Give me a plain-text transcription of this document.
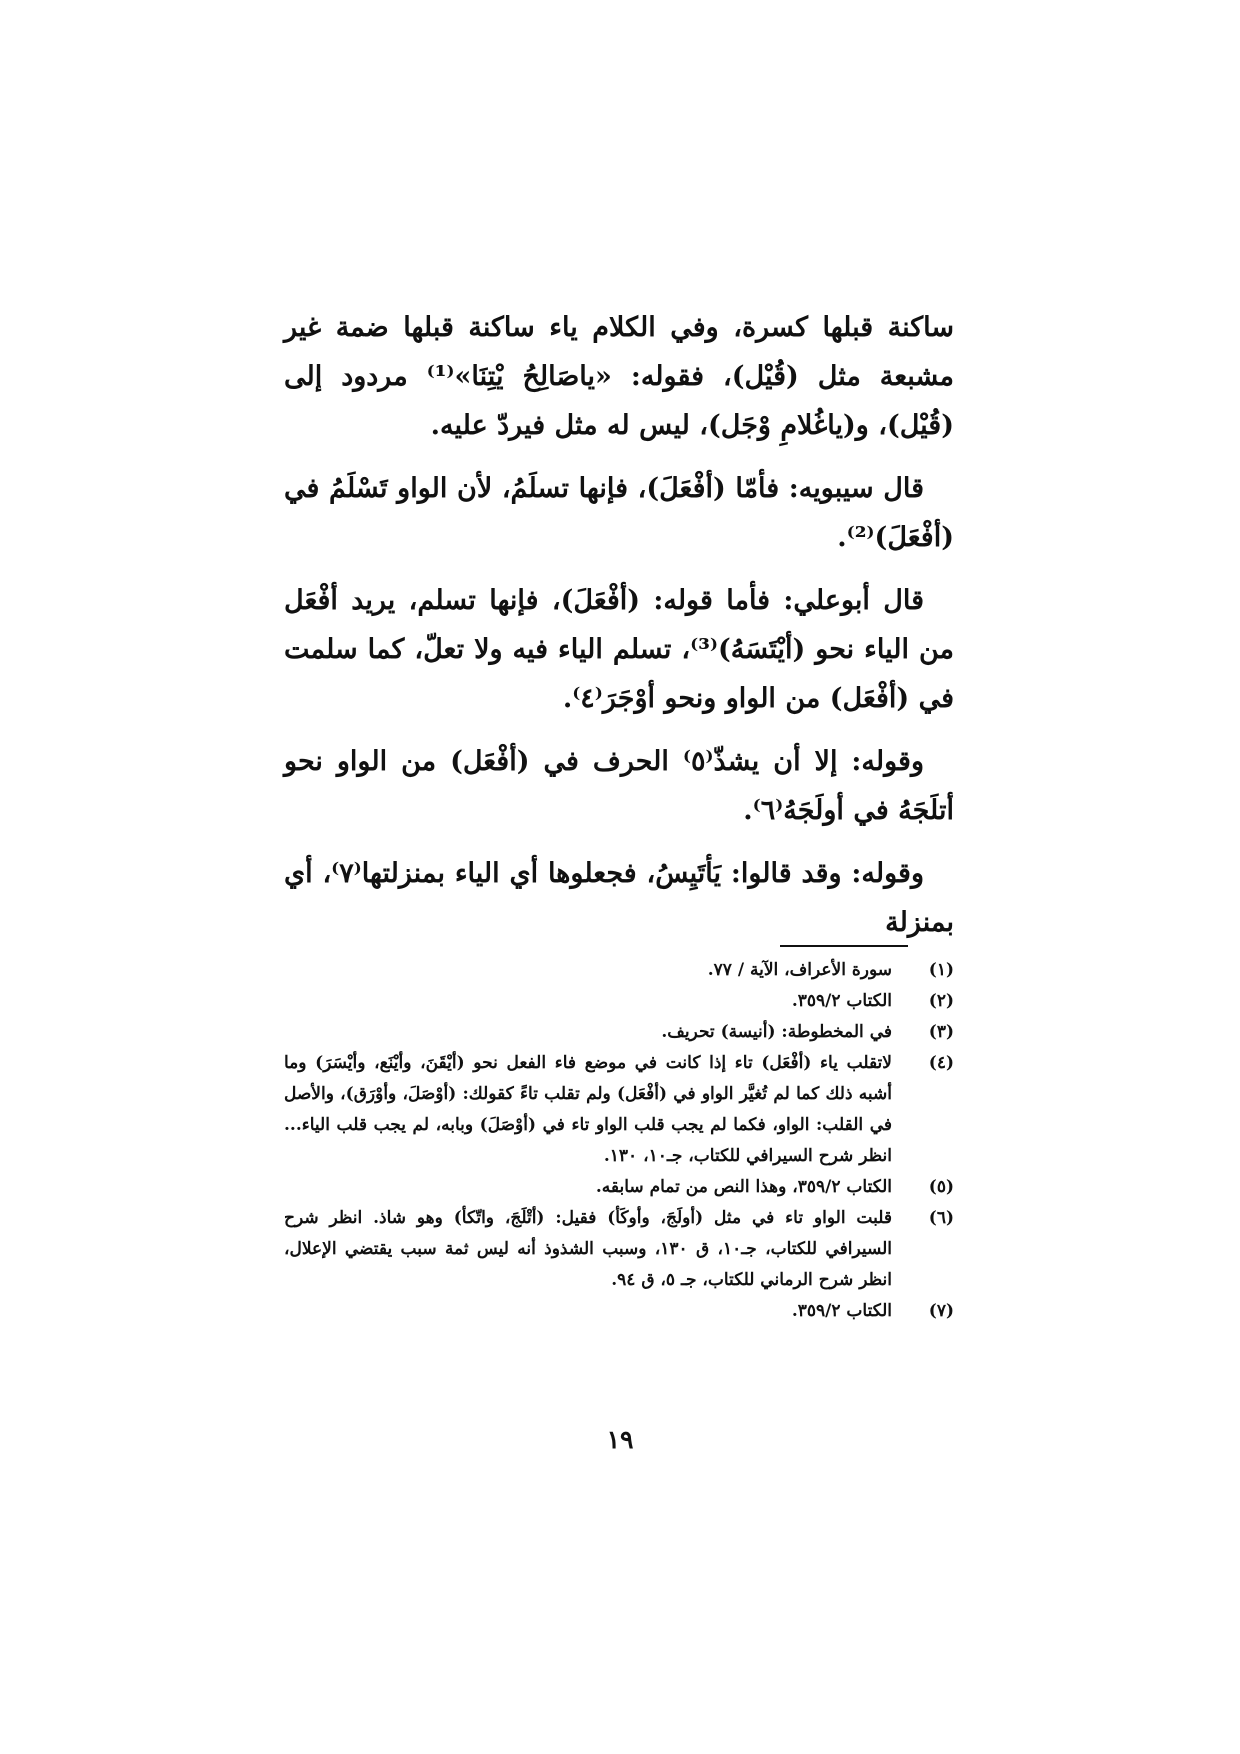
ساكنة قبلها كسرة، وفي الكلام ياء ساكنة قبلها ضمة غير مشبعة مثل (قُيْل)، فقوله: «ياصَالِحُ يْتِنَا»⁽¹⁾ مردود إلى (قُيْل)، و(ياغُلامِ وْجَل)، ليس له مثل فيردّ عليه.

قال سيبويه: فأمّا (أفْعَلَ)، فإنها تسلَمُ، لأن الواو تَسْلَمُ في (أفْعَلَ)⁽²⁾.

قال أبوعلي: فأما قوله: (أفْعَلَ)، فإنها تسلم، يريد أفْعَل من الياء نحو (أيْتَسَهُ)⁽³⁾، تسلم الياء فيه ولا تعلّ، كما سلمت في (أفْعَل) من الواو ونحو أوْجَرَ⁽٤⁾.

وقوله: إلا أن يشذّ⁽٥⁾ الحرف في (أفْعَل) من الواو نحو أتلَجَهُ في أولَجَهُ⁽٦⁾.

وقوله: وقد قالوا: يَأتَيِسُ، فجعلوها أي الياء بمنزلتها⁽٧⁾، أي بمنزلة

(١)
سورة الأعراف، الآية / ٧٧.
(٢)
الكتاب ٣٥٩/٢.
(٣)
في المخطوطة: (أنيسة) تحريف.
(٤)
لاتقلب ياء (أفْعَل) تاء إذا كانت في موضع فاء الفعل نحو (أيْقَنَ، وأيْنَع، وأيْسَرَ) وما أشبه ذلك كما لم تُغيَّر الواو في (أفْعَل) ولم تقلب تاءً كقولك: (أوْصَلَ، وأوْرَق)، والأصل في القلب: الواو، فكما لم يجب قلب الواو تاء في (أوْصَلَ) وبابه، لم يجب قلب الياء... انظر شرح السيرافي للكتاب، جـ١٠، ١٣٠.
(٥)
الكتاب ٣٥٩/٢، وهذا النص من تمام سابقه.
(٦)
قلبت الواو تاء في مثل (أولَجَ، وأوكَأ) فقيل: (أتْلَجَ، واتّكأ) وهو شاذ. انظر شرح السيرافي للكتاب، جـ١٠، ق ١٣٠، وسبب الشذوذ أنه ليس ثمة سبب يقتضي الإعلال، انظر شرح الرماني للكتاب، جـ ٥، ق ٩٤.
(٧)
الكتاب ٣٥٩/٢.
١٩
